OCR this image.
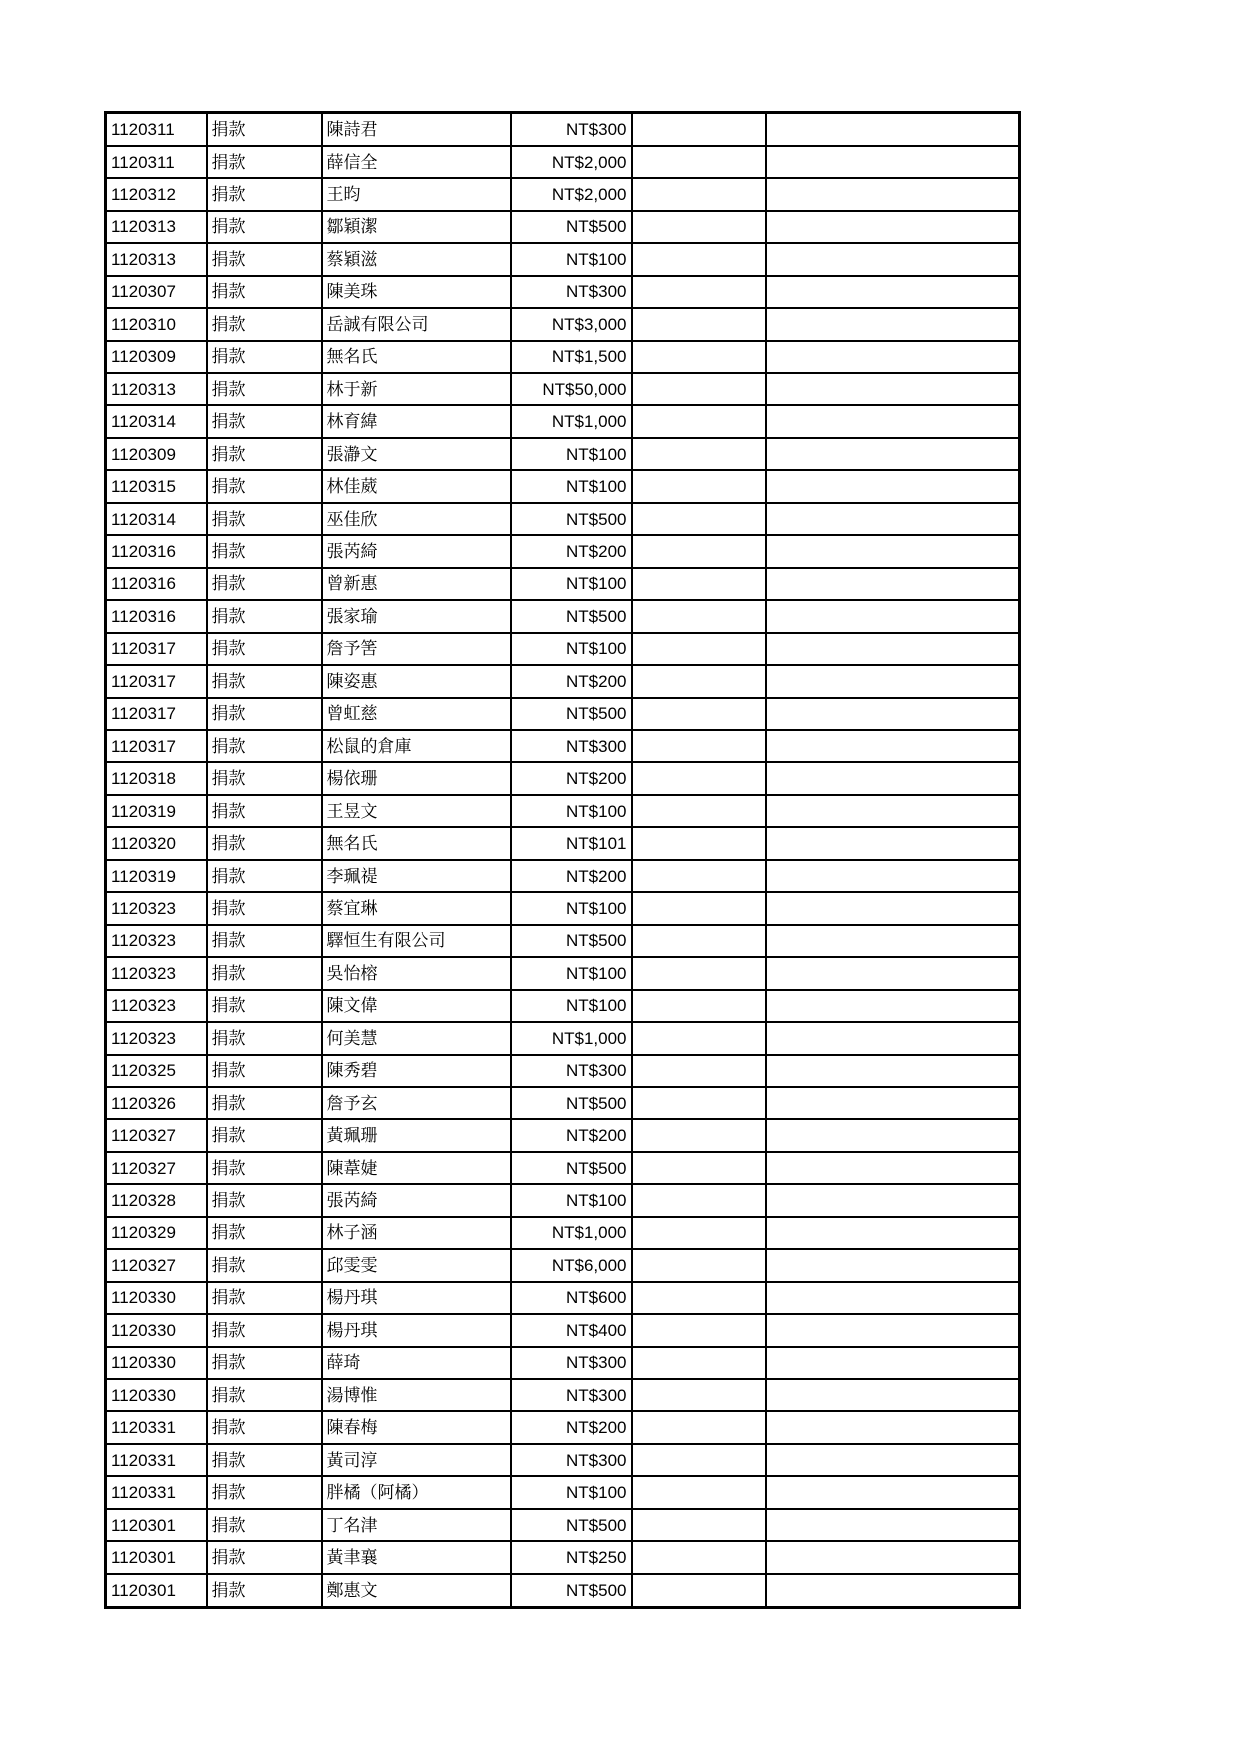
1120311	捐款	陳詩君	NT$300		
1120311	捐款	薛信全	NT$2,000		
1120312	捐款	王昀	NT$2,000		
1120313	捐款	鄒穎潔	NT$500		
1120313	捐款	蔡穎滋	NT$100		
1120307	捐款	陳美珠	NT$300		
1120310	捐款	岳誠有限公司	NT$3,000		
1120309	捐款	無名氏	NT$1,500		
1120313	捐款	林于新	NT$50,000		
1120314	捐款	林育緯	NT$1,000		
1120309	捐款	張瀞文	NT$100		
1120315	捐款	林佳葳	NT$100		
1120314	捐款	巫佳欣	NT$500		
1120316	捐款	張芮綺	NT$200		
1120316	捐款	曾新惠	NT$100		
1120316	捐款	張家瑜	NT$500		
1120317	捐款	詹予筈	NT$100		
1120317	捐款	陳姿惠	NT$200		
1120317	捐款	曾虹慈	NT$500		
1120317	捐款	松鼠的倉庫	NT$300		
1120318	捐款	楊依珊	NT$200		
1120319	捐款	王昱文	NT$100		
1120320	捐款	無名氏	NT$101		
1120319	捐款	李珮禔	NT$200		
1120323	捐款	蔡宜琳	NT$100		
1120323	捐款	驛恒生有限公司	NT$500		
1120323	捐款	吳怡榕	NT$100		
1120323	捐款	陳文偉	NT$100		
1120323	捐款	何美慧	NT$1,000		
1120325	捐款	陳秀碧	NT$300		
1120326	捐款	詹予玄	NT$500		
1120327	捐款	黃珮珊	NT$200		
1120327	捐款	陳葦婕	NT$500		
1120328	捐款	張芮綺	NT$100		
1120329	捐款	林子涵	NT$1,000		
1120327	捐款	邱雯雯	NT$6,000		
1120330	捐款	楊丹琪	NT$600		
1120330	捐款	楊丹琪	NT$400		
1120330	捐款	薛琦	NT$300		
1120330	捐款	湯博惟	NT$300		
1120331	捐款	陳春梅	NT$200		
1120331	捐款	黃司淳	NT$300		
1120331	捐款	胖橘（阿橘）	NT$100		
1120301	捐款	丁名津	NT$500		
1120301	捐款	黃聿襄	NT$250		
1120301	捐款	鄭惠文	NT$500		
